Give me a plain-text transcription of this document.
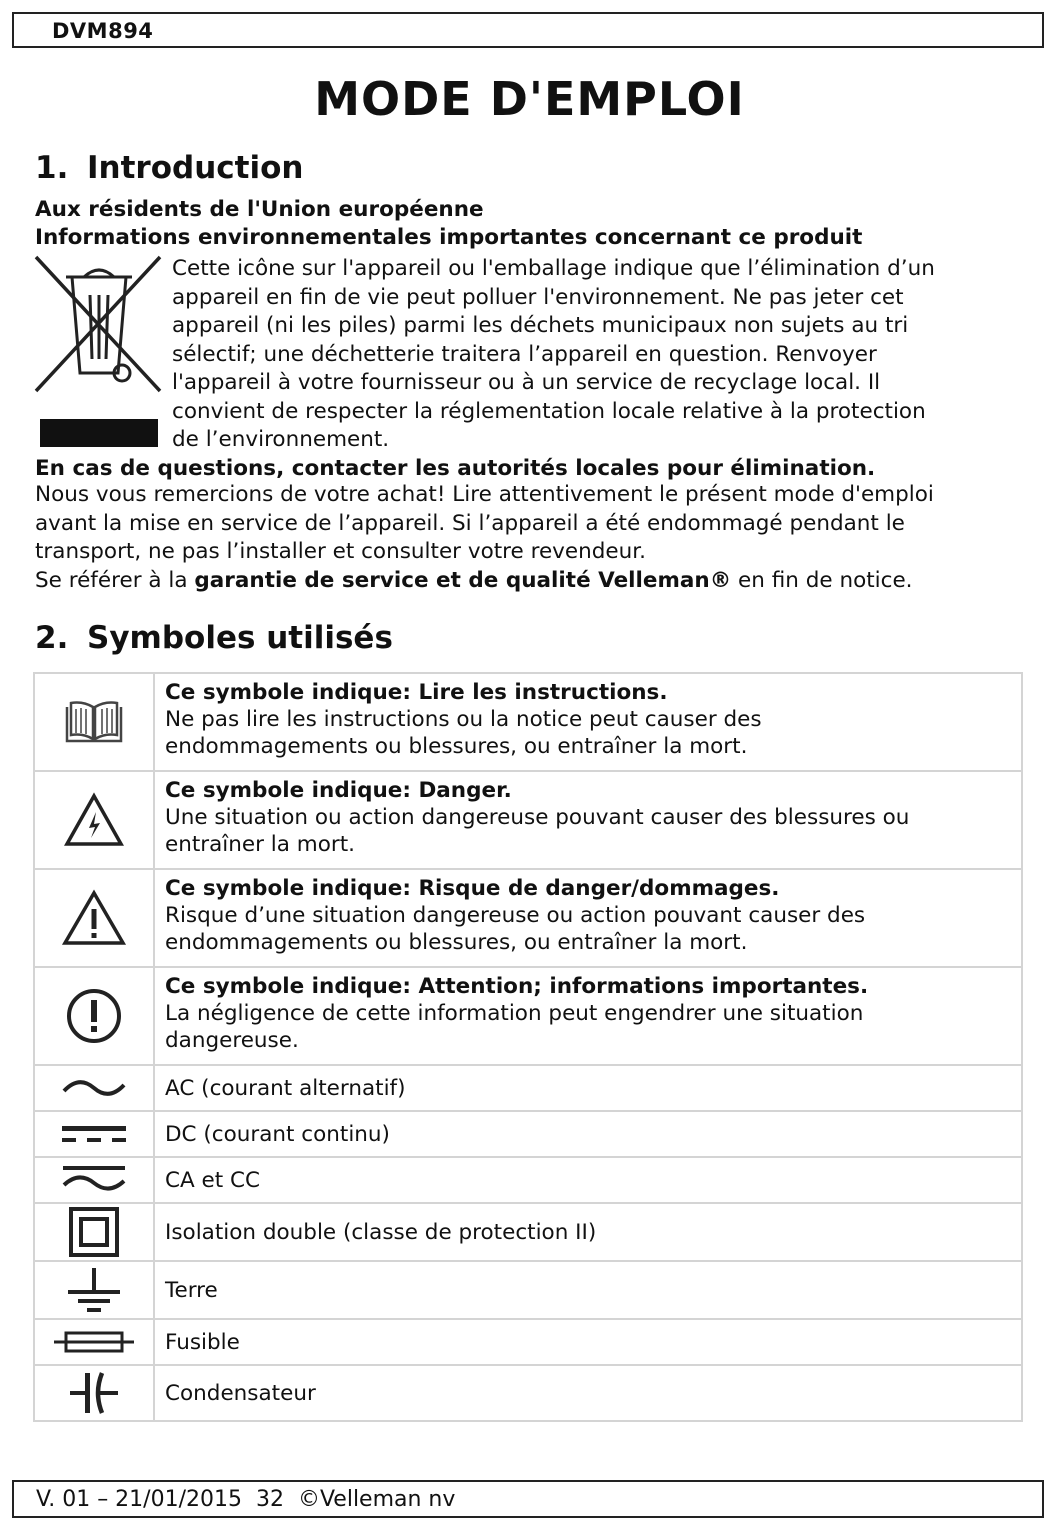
DVM894
MODE D'EMPLOI
1. Introduction
Aux résidents de l'Union européenne
Informations environnementales importantes concernant ce produit
Cette icône sur l'appareil ou l'emballage indique que l’élimination d’un
appareil en fin de vie peut polluer l'environnement. Ne pas jeter cet
appareil (ni les piles) parmi les déchets municipaux non sujets au tri
sélectif; une déchetterie traitera l’appareil en question. Renvoyer
l'appareil à votre fournisseur ou à un service de recyclage local. Il
convient de respecter la réglementation locale relative à la protection
de l’environnement.
En cas de questions, contacter les autorités locales pour élimination.
Nous vous remercions de votre achat! Lire attentivement le présent mode d'emploi
avant la mise en service de l’appareil. Si l’appareil a été endommagé pendant le
transport, ne pas l’installer et consulter votre revendeur.
Se référer à la garantie de service et de qualité Velleman® en fin de notice.
2. Symboles utilisés

Ce symbole indique: Lire les instructions.
Ne pas lire les instructions ou la notice peut causer des
endommagements ou blessures, ou entraîner la mort.

Ce symbole indique: Danger.
Une situation ou action dangereuse pouvant causer des blessures ou
entraîner la mort.

Ce symbole indique: Risque de danger/dommages.
Risque d’une situation dangereuse ou action pouvant causer des
endommagements ou blessures, ou entraîner la mort.

Ce symbole indique: Attention; informations importantes.
La négligence de cette information peut engendrer une situation
dangereuse.

	AC (courant alternatif)

	DC (courant continu)

	CA et CC

	Isolation double (classe de protection II)

	Terre

	Fusible

	Condensateur
V. 01 – 21/01/2015  32  ©Velleman nv
